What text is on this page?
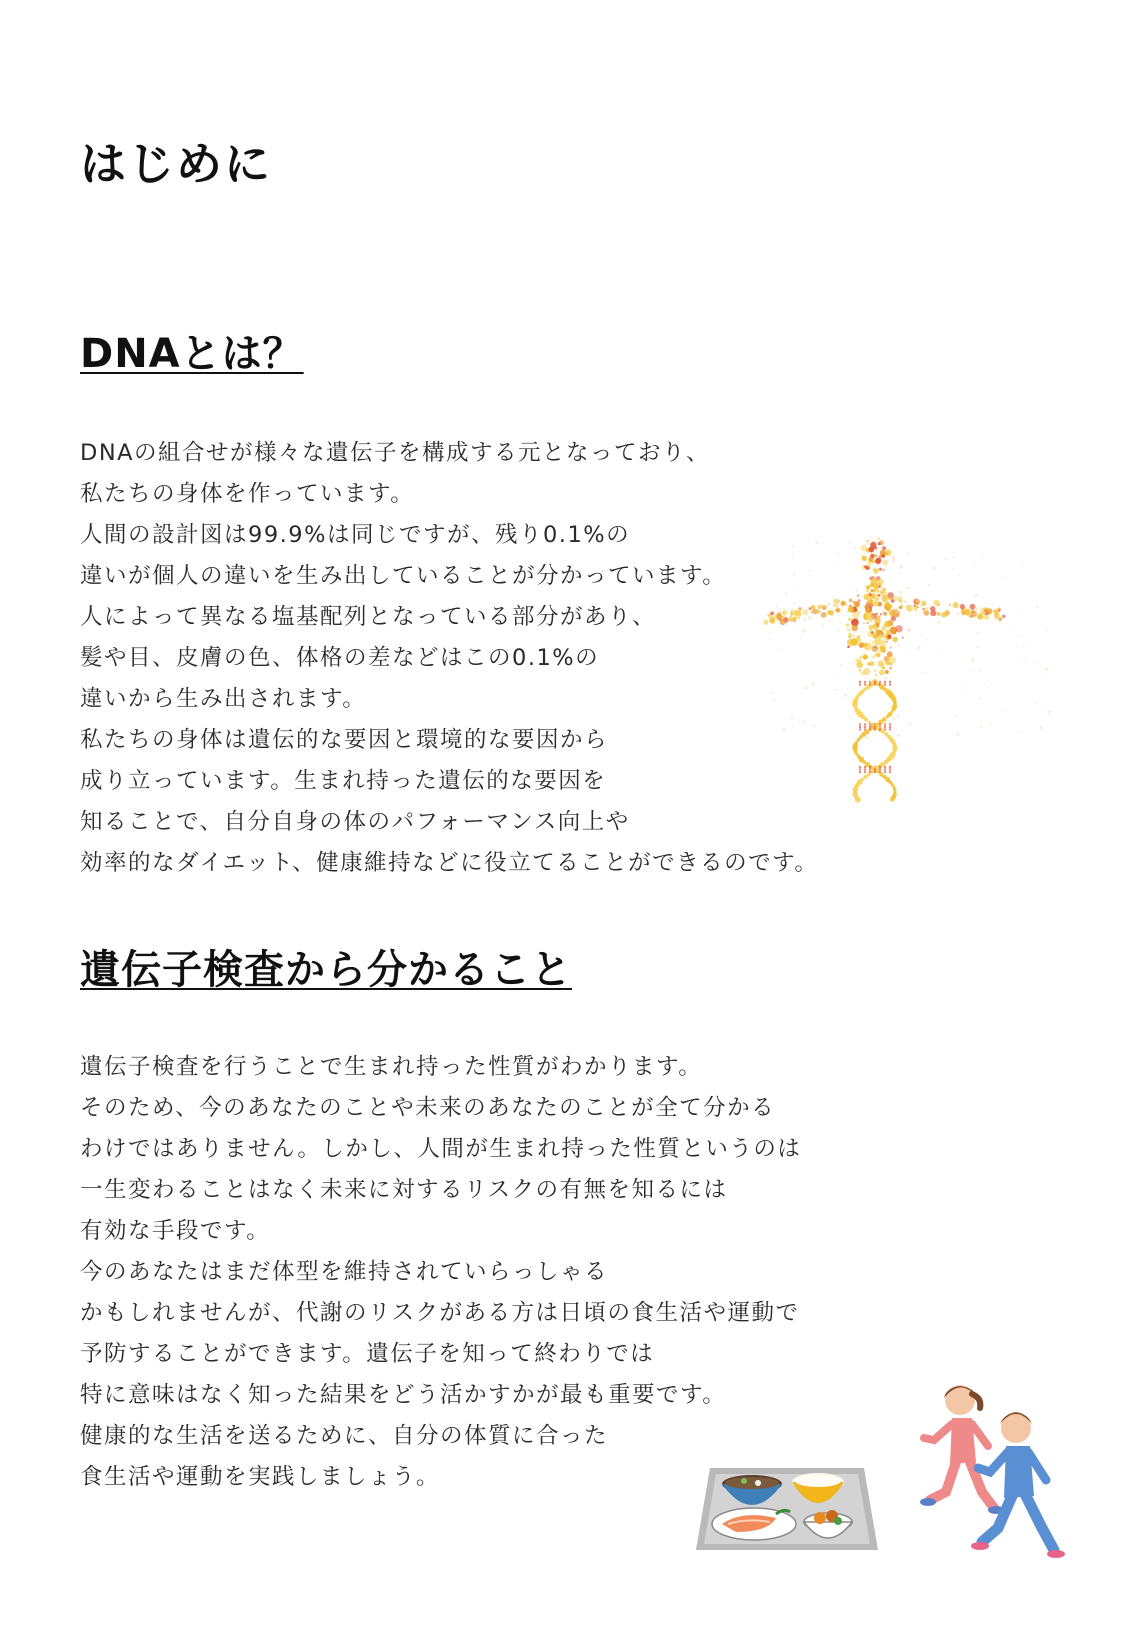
はじめに
DNAとは？

DNAの組合せが様々な遺伝子を構成する元となっており、
私たちの身体を作っています。
人間の設計図は99.9%は同じですが、残り0.1%の
違いが個人の違いを生み出していることが分かっています。
人によって異なる塩基配列となっている部分があり、
髪や目、皮膚の色、体格の差などはこの0.1%の
違いから生み出されます。
私たちの身体は遺伝的な要因と環境的な要因から
成り立っています。生まれ持った遺伝的な要因を
知ることで、自分自身の体のパフォーマンス向上や
効率的なダイエット、健康維持などに役立てることができるのです。

遺伝子検査から分かること

遺伝子検査を行うことで生まれ持った性質がわかります。
そのため、今のあなたのことや未来のあなたのことが全て分かる
わけではありません。しかし、人間が生まれ持った性質というのは
一生変わることはなく未来に対するリスクの有無を知るには
有効な手段です。
今のあなたはまだ体型を維持されていらっしゃる
かもしれませんが、代謝のリスクがある方は日頃の食生活や運動で
予防することができます。遺伝子を知って終わりでは
特に意味はなく知った結果をどう活かすかが最も重要です。
健康的な生活を送るために、自分の体質に合った
食生活や運動を実践しましょう。
